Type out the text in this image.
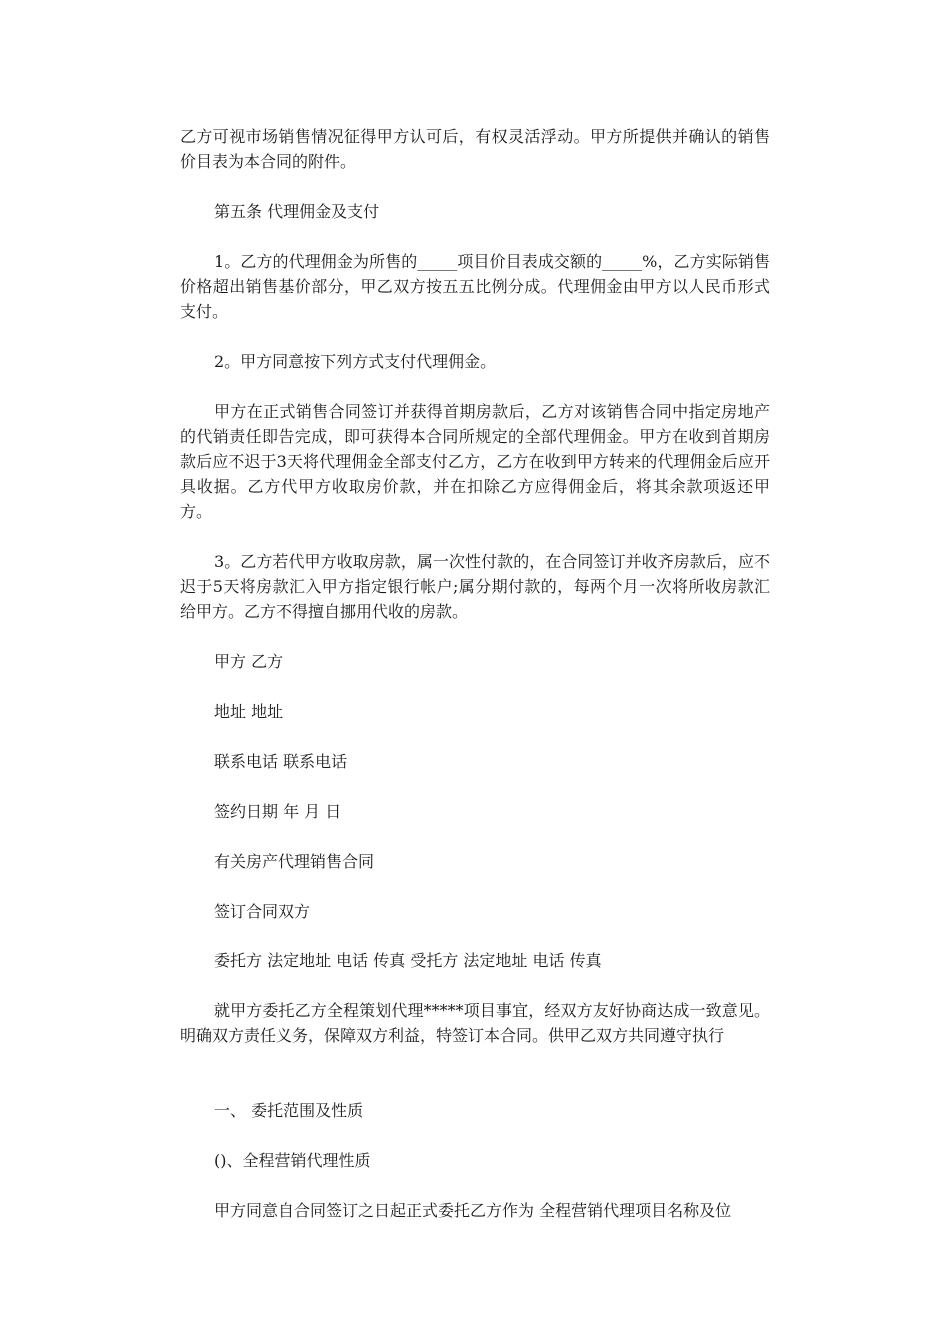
乙方可视市场销售情况征得甲方认可后，有权灵活浮动。甲方所提供并确认的销售价目表为本合同的附件。

第五条 代理佣金及支付

1。乙方的代理佣金为所售的_____项目价目表成交额的_____%，乙方实际销售价格超出销售基价部分，甲乙双方按五五比例分成。代理佣金由甲方以人民币形式支付。

2。甲方同意按下列方式支付代理佣金。

甲方在正式销售合同签订并获得首期房款后，乙方对该销售合同中指定房地产的代销责任即告完成，即可获得本合同所规定的全部代理佣金。甲方在收到首期房款后应不迟于3天将代理佣金全部支付乙方，乙方在收到甲方转来的代理佣金后应开具收据。乙方代甲方收取房价款，并在扣除乙方应得佣金后，将其余款项返还甲方。

3。乙方若代甲方收取房款，属一次性付款的，在合同签订并收齐房款后，应不迟于5天将房款汇入甲方指定银行帐户;属分期付款的，每两个月一次将所收房款汇给甲方。乙方不得擅自挪用代收的房款。

甲方 乙方

地址 地址

联系电话 联系电话

签约日期 年 月 日

有关房产代理销售合同

签订合同双方

委托方 法定地址 电话 传真 受托方 法定地址 电话 传真

就甲方委托乙方全程策划代理*****项目事宜，经双方友好协商达成一致意见。明确双方责任义务，保障双方利益，特签订本合同。供甲乙双方共同遵守执行

一、 委托范围及性质

()、全程营销代理性质

甲方同意自合同签订之日起正式委托乙方作为 全程营销代理项目名称及位
